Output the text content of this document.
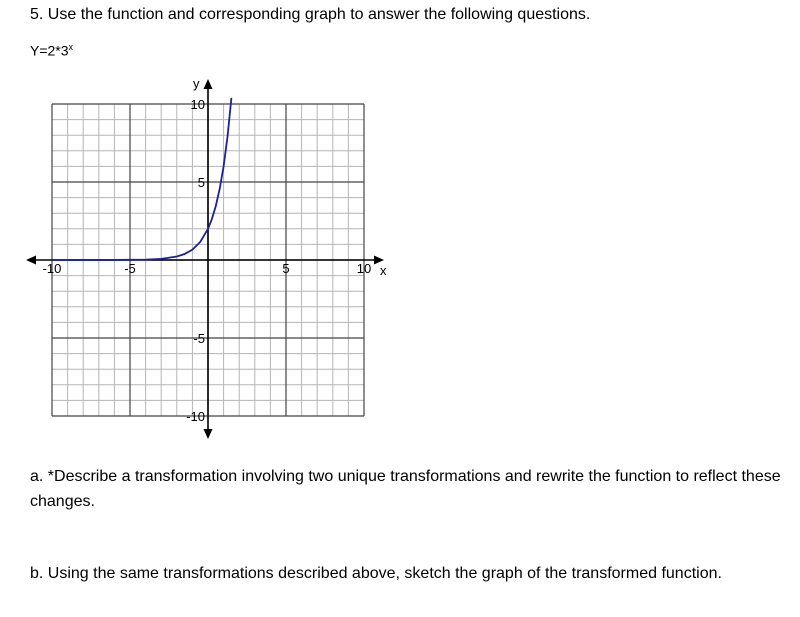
5. Use the function and corresponding graph to answer the following questions.
$Y=2*3^x$
x
y
-10	-5	5	10
10
5
-5
-10
a. *Describe a transformation involving two unique transformations and rewrite the function to reflect these changes.
b. Using the same transformations described above, sketch the graph of the transformed function.
